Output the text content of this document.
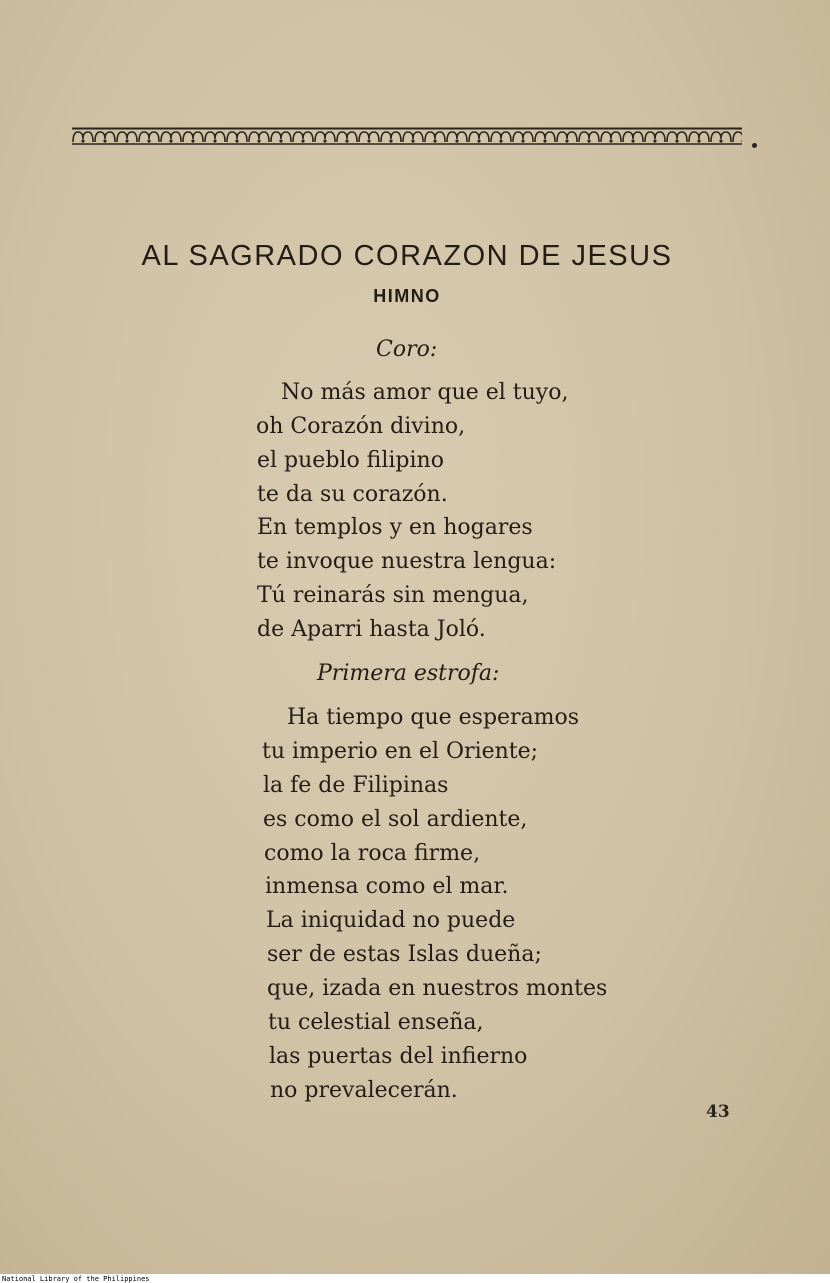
AL SAGRADO CORAZON DE JESUS
HIMNO
Coro:
No más amor que el tuyo,
oh Corazón divino,
el pueblo filipino
te da su corazón.
En templos y en hogares
te invoque nuestra lengua:
Tú reinarás sin mengua,
de Aparri hasta Joló.
Primera estrofa:
Ha tiempo que esperamos
tu imperio en el Oriente;
la fe de Filipinas
es como el sol ardiente,
como la roca firme,
inmensa como el mar.
La iniquidad no puede
ser de estas Islas dueña;
que, izada en nuestros montes
tu celestial enseña,
las puertas del infierno
no prevalecerán.
43
National Library of the Philippines
